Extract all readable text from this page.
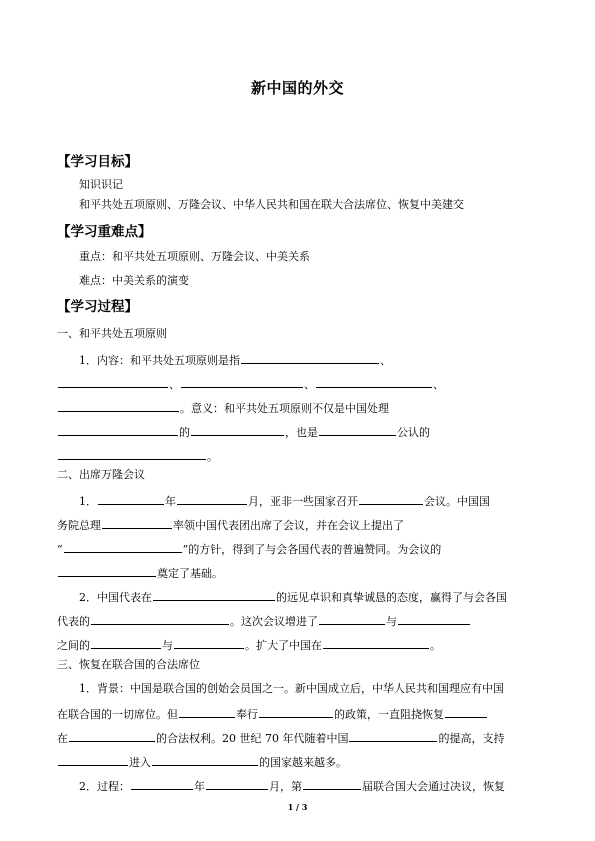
新中国的外交
【学习目标】
知识识记
和平共处五项原则、万隆会议、中华人民共和国在联大合法席位、恢复中美建交
【学习重难点】
重点：和平共处五项原则、万隆会议、中美关系
难点：中美关系的演变
【学习过程】
一、和平共处五项原则
1．内容：和平共处五项原则是指	、
、	、	、
。意义：和平共处五项原则不仅是中国处理
的	，也是	公认的
。
二、出席万隆会议
1．	年	月，亚非一些国家召开	会议。中国国
务院总理	率领中国代表团出席了会议，并在会议上提出了
“	”的方针，得到了与会各国代表的普遍赞同。为会议的
奠定了基础。
2．中国代表在	的远见卓识和真挚诚恳的态度，赢得了与会各国
代表的	。这次会议增进了	与
之间的	与	。扩大了中国在	。
三、恢复在联合国的合法席位
1．背景：中国是联合国的创始会员国之一。新中国成立后，中华人民共和国理应有中国
在联合国的一切席位。但	奉行	的政策，一直阻挠恢复
在	的合法权利。20 世纪 70 年代随着中国	的提高，支持
进入	的国家越来越多。
2．过程：	年	月，第	届联合国大会通过决议，恢复
1 / 3
